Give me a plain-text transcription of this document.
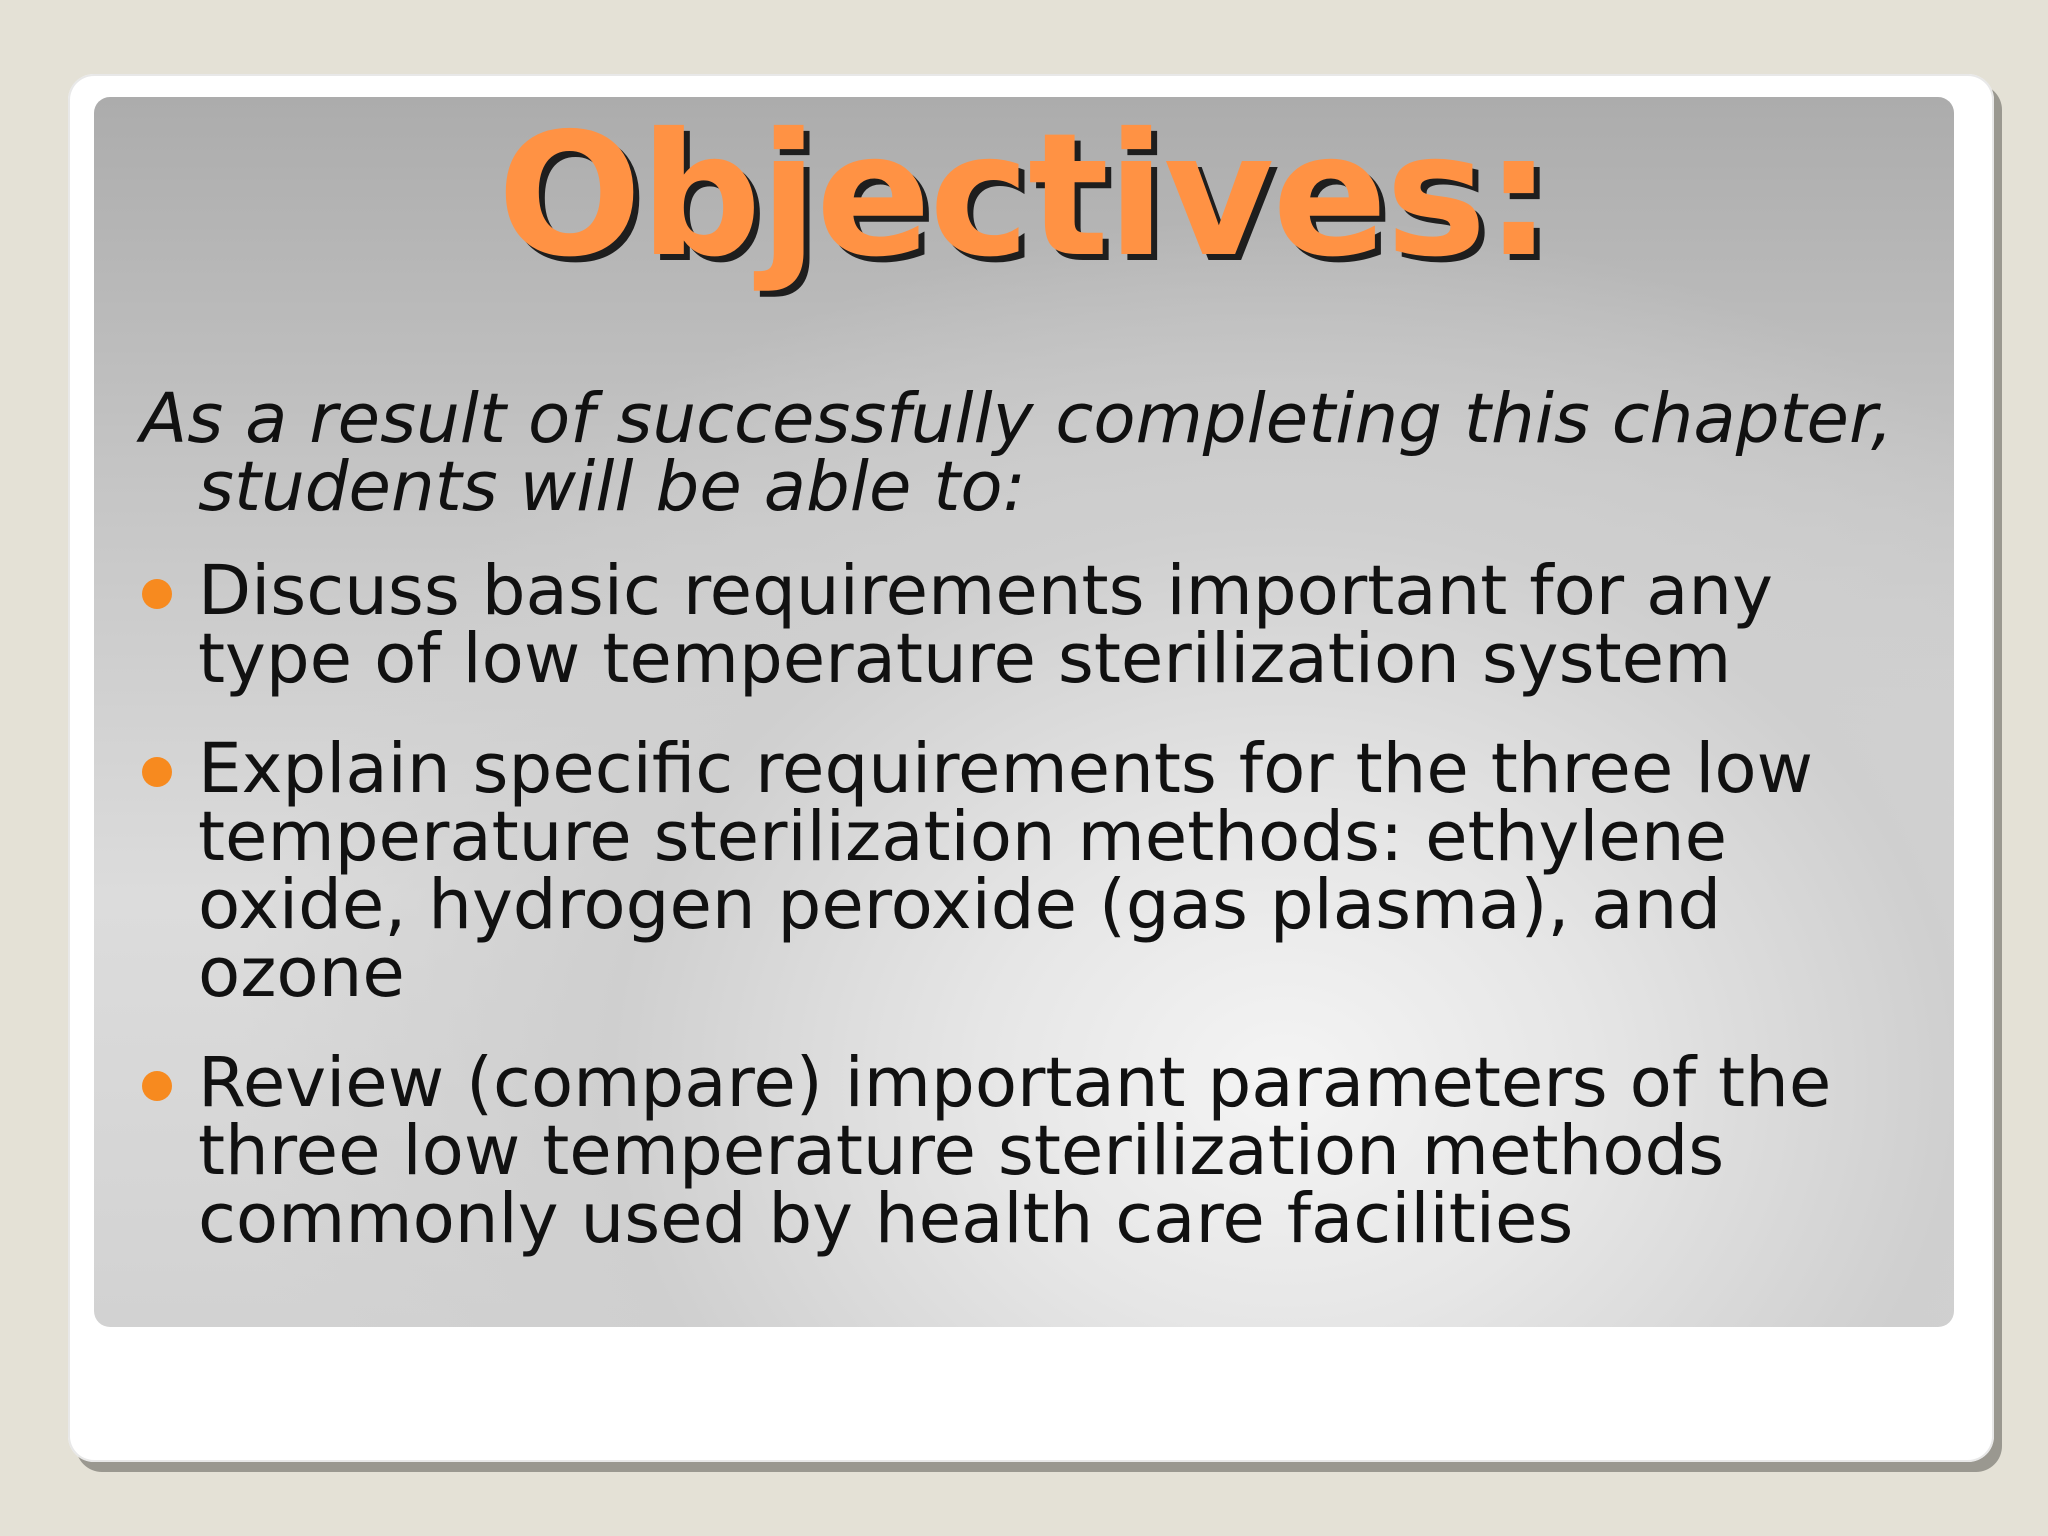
Objectives:

As a result of successfully completing this chapter, students will be able to:

Discuss basic requirements important for any type of low temperature sterilization system
Explain specific requirements for the three low temperature sterilization methods: ethylene oxide, hydrogen peroxide (gas plasma), and ozone
Review (compare) important parameters of the three low temperature sterilization methods commonly used by health care facilities
